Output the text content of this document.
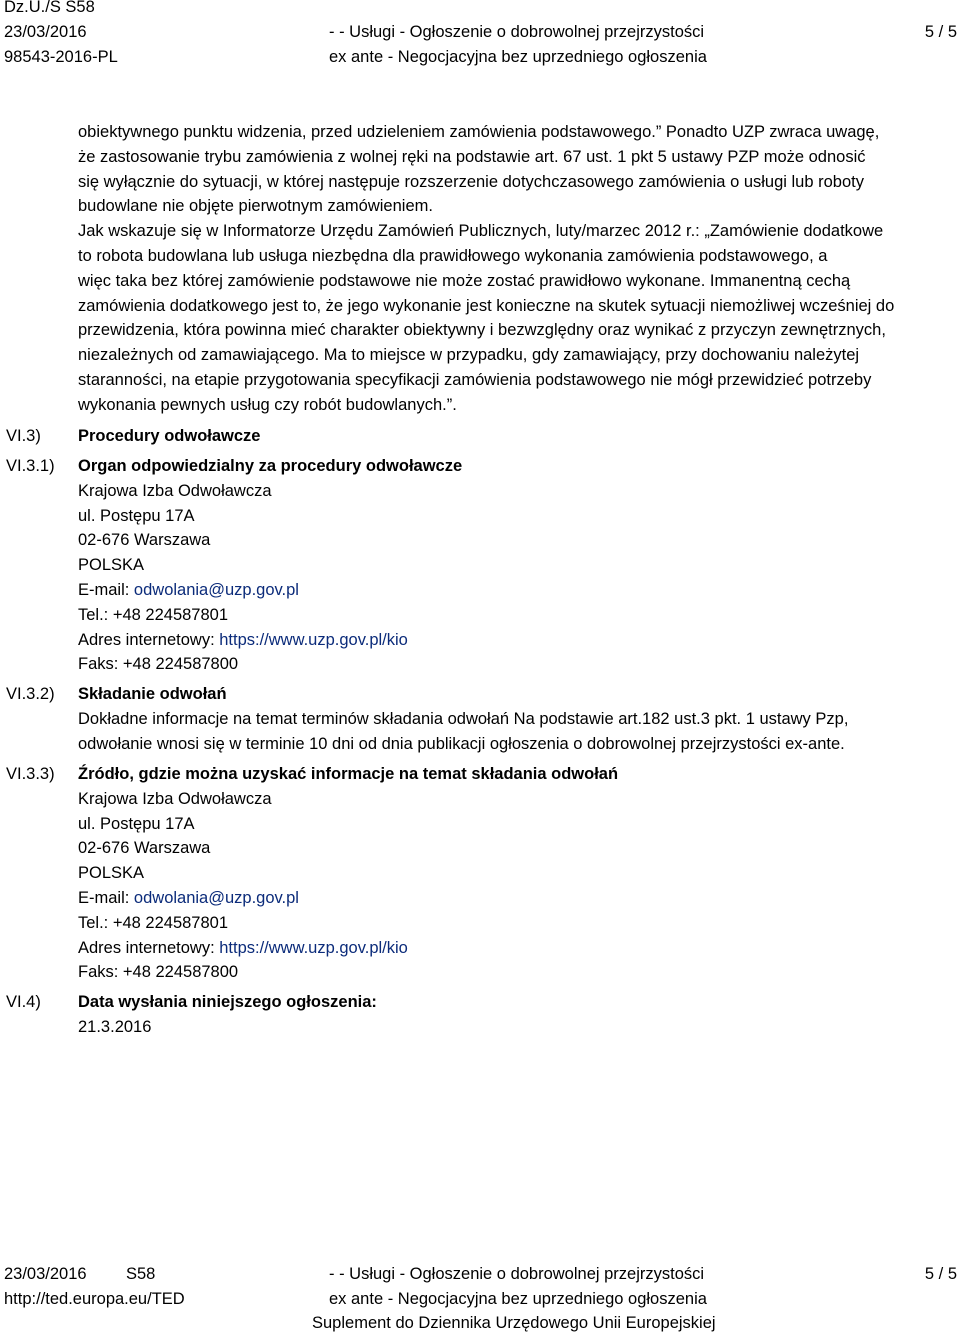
Dz.U./S S58
23/03/2016
98543-2016-PL
- - Usługi - Ogłoszenie o dobrowolnej przejrzystości
ex ante - Negocjacyjna bez uprzedniego ogłoszenia
5 / 5
obiektywnego punktu widzenia, przed udzieleniem zamówienia podstawowego.” Ponadto UZP zwraca uwagę,
że zastosowanie trybu zamówienia z wolnej ręki na podstawie art. 67 ust. 1 pkt 5 ustawy PZP może odnosić
się wyłącznie do sytuacji, w której następuje rozszerzenie dotychczasowego zamówienia o usługi lub roboty
budowlane nie objęte pierwotnym zamówieniem.
Jak wskazuje się w Informatorze Urzędu Zamówień Publicznych, luty/marzec 2012 r.: „Zamówienie dodatkowe
to robota budowlana lub usługa niezbędna dla prawidłowego wykonania zamówienia podstawowego, a
więc taka bez której zamówienie podstawowe nie może zostać prawidłowo wykonane. Immanentną cechą
zamówienia dodatkowego jest to, że jego wykonanie jest konieczne na skutek sytuacji niemożliwej wcześniej do
przewidzenia, która powinna mieć charakter obiektywny i bezwzględny oraz wynikać z przyczyn zewnętrznych,
niezależnych od zamawiającego. Ma to miejsce w przypadku, gdy zamawiający, przy dochowaniu należytej
staranności, na etapie przygotowania specyfikacji zamówienia podstawowego nie mógł przewidzieć potrzeby
wykonania pewnych usług czy robót budowlanych.”.
VI.3) Procedury odwoławcze
VI.3.1) Organ odpowiedzialny za procedury odwoławcze
Krajowa Izba Odwoławcza
ul. Postępu 17A
02-676 Warszawa
POLSKA
E-mail: odwolania@uzp.gov.pl
Tel.: +48 224587801
Adres internetowy: https://www.uzp.gov.pl/kio
Faks: +48 224587800
VI.3.2) Składanie odwołań
Dokładne informacje na temat terminów składania odwołań Na podstawie art.182 ust.3 pkt. 1 ustawy Pzp,
odwołanie wnosi się w terminie 10 dni od dnia publikacji ogłoszenia o dobrowolnej przejrzystości ex-ante.
VI.3.3) Źródło, gdzie można uzyskać informacje na temat składania odwołań
Krajowa Izba Odwoławcza
ul. Postępu 17A
02-676 Warszawa
POLSKA
E-mail: odwolania@uzp.gov.pl
Tel.: +48 224587801
Adres internetowy: https://www.uzp.gov.pl/kio
Faks: +48 224587800
VI.4) Data wysłania niniejszego ogłoszenia:
21.3.2016
23/03/2016 S58
http://ted.europa.eu/TED
- - Usługi - Ogłoszenie o dobrowolnej przejrzystości
ex ante - Negocjacyjna bez uprzedniego ogłoszenia
Suplement do Dziennika Urzędowego Unii Europejskiej
5 / 5
